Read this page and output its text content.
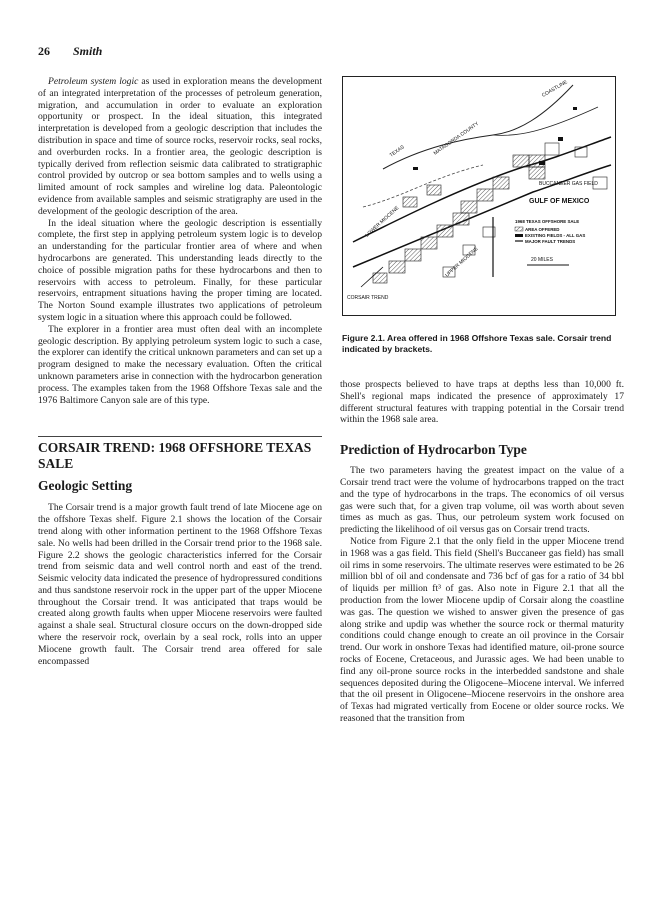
26 Smith

Petroleum system logic as used in exploration means the development of an integrated interpretation of the processes of petroleum generation, migration, and accumulation in order to evaluate an exploration opportunity or prospect. In the ideal situation, this integrated interpretation is developed from a geologic description that includes the distribution in space and time of source rocks, reservoir rocks, seal rocks, and overburden rocks. In a frontier area, the geologic description is typically derived from reflection seismic data calibrated to stratigraphic control provided by outcrop or sea bottom samples and to wells using a limited amount of rock samples and wireline log data. Paleontologic evidence from available samples and seismic stratigraphy are used in the development of the geologic description of the area.

In the ideal situation where the geologic description is essentially complete, the first step in applying petroleum system logic is to develop an understanding for the particular frontier area of where and when hydrocarbons are generated. This understanding leads directly to the choice of possible migration paths for these hydrocarbons and then to reservoirs with access to petroleum. Finally, for these particular reservoirs, entrapment situations having the proper timing are located. The Norton Sound example illustrates two applications of petroleum system logic in a situation where this approach could be followed.

The explorer in a frontier area must often deal with an incomplete geologic description. By applying petroleum system logic to such a case, the explorer can identify the critical unknown parameters and can set up a program designed to make the necessary evaluation. Often the critical unknown parameters arise in connection with the hydrocarbon generation process. The examples taken from the 1968 Offshore Texas sale and the 1976 Baltimore Canyon sale are of this type.

CORSAIR TREND: 1968 OFFSHORE TEXAS SALE
Geologic Setting

The Corsair trend is a major growth fault trend of late Miocene age on the offshore Texas shelf. Figure 2.1 shows the location of the Corsair trend along with other information pertinent to the 1968 Offshore Texas sale. No wells had been drilled in the Corsair trend prior to the 1968 sale. Figure 2.2 shows the geologic characteristics inferred for the Corsair trend from seismic data and well control north and east of the trend. Seismic velocity data indicated the presence of hydropressured conditions and thus sandstone reservoir rock in the upper part of the upper Miocene throughout the Corsair trend. It was anticipated that traps would be created along growth faults when upper Miocene reservoirs were faulted against a shale seal. Structural closure occurs on the down-dropped side where the reservoir rock, overlain by a seal rock, rolls into an upper Miocene growth fault. The Corsair trend area offered for sale encompassed

COASTLINE
TEXAS	MATAGORDA COUNTY
BUCCANEER GAS FIELD
GULF OF MEXICO
LOWER MIOCENE
UPPER MIOCENE
CORSAIR TREND
1968 TEXAS OFFSHORE SALE
AREA OFFERED
EXISTING FIELDS - ALL GAS
MAJOR FAULT TRENDS
20 MILES
Figure 2.1. Area offered in 1968 Offshore Texas sale. Corsair trend indicated by brackets.

those prospects believed to have traps at depths less than 10,000 ft. Shell's regional maps indicated the presence of approximately 17 different structural features with trapping potential in the Corsair trend within the 1968 sale area.

Prediction of Hydrocarbon Type

The two parameters having the greatest impact on the value of a Corsair trend tract were the volume of hydrocarbons trapped on the tract and the type of hydrocarbons in the traps. The economics of oil versus gas were such that, for a given trap volume, oil was worth about seven times as much as gas. Thus, our petroleum system work focused on predicting the likelihood of oil versus gas on Corsair trend tracts.

Notice from Figure 2.1 that the only field in the upper Miocene trend in 1968 was a gas field. This field (Shell's Buccaneer gas field) has small oil rims in some reservoirs. The ultimate reserves were estimated to be 26 million bbl of oil and condensate and 736 bcf of gas for a ratio of 34 bbl of liquids per million ft³ of gas. Also note in Figure 2.1 that all the production from the lower Miocene updip of Corsair along the coastline was gas. The question we wished to answer given the presence of gas along strike and updip was whether the source rock or thermal maturity conditions could change enough to create an oil province in the Corsair trend. Our work in onshore Texas had identified mature, oil-prone source rocks of Eocene, Cretaceous, and Jurassic ages. We had been unable to find any oil-prone source rocks in the interbedded sandstone and shale sequences deposited during the Oligocene–Miocene interval. We inferred that the oil present in Oligocene–Miocene reservoirs in the onshore area of Texas had migrated vertically from Eocene or older source rocks. We reasoned that the transition from
